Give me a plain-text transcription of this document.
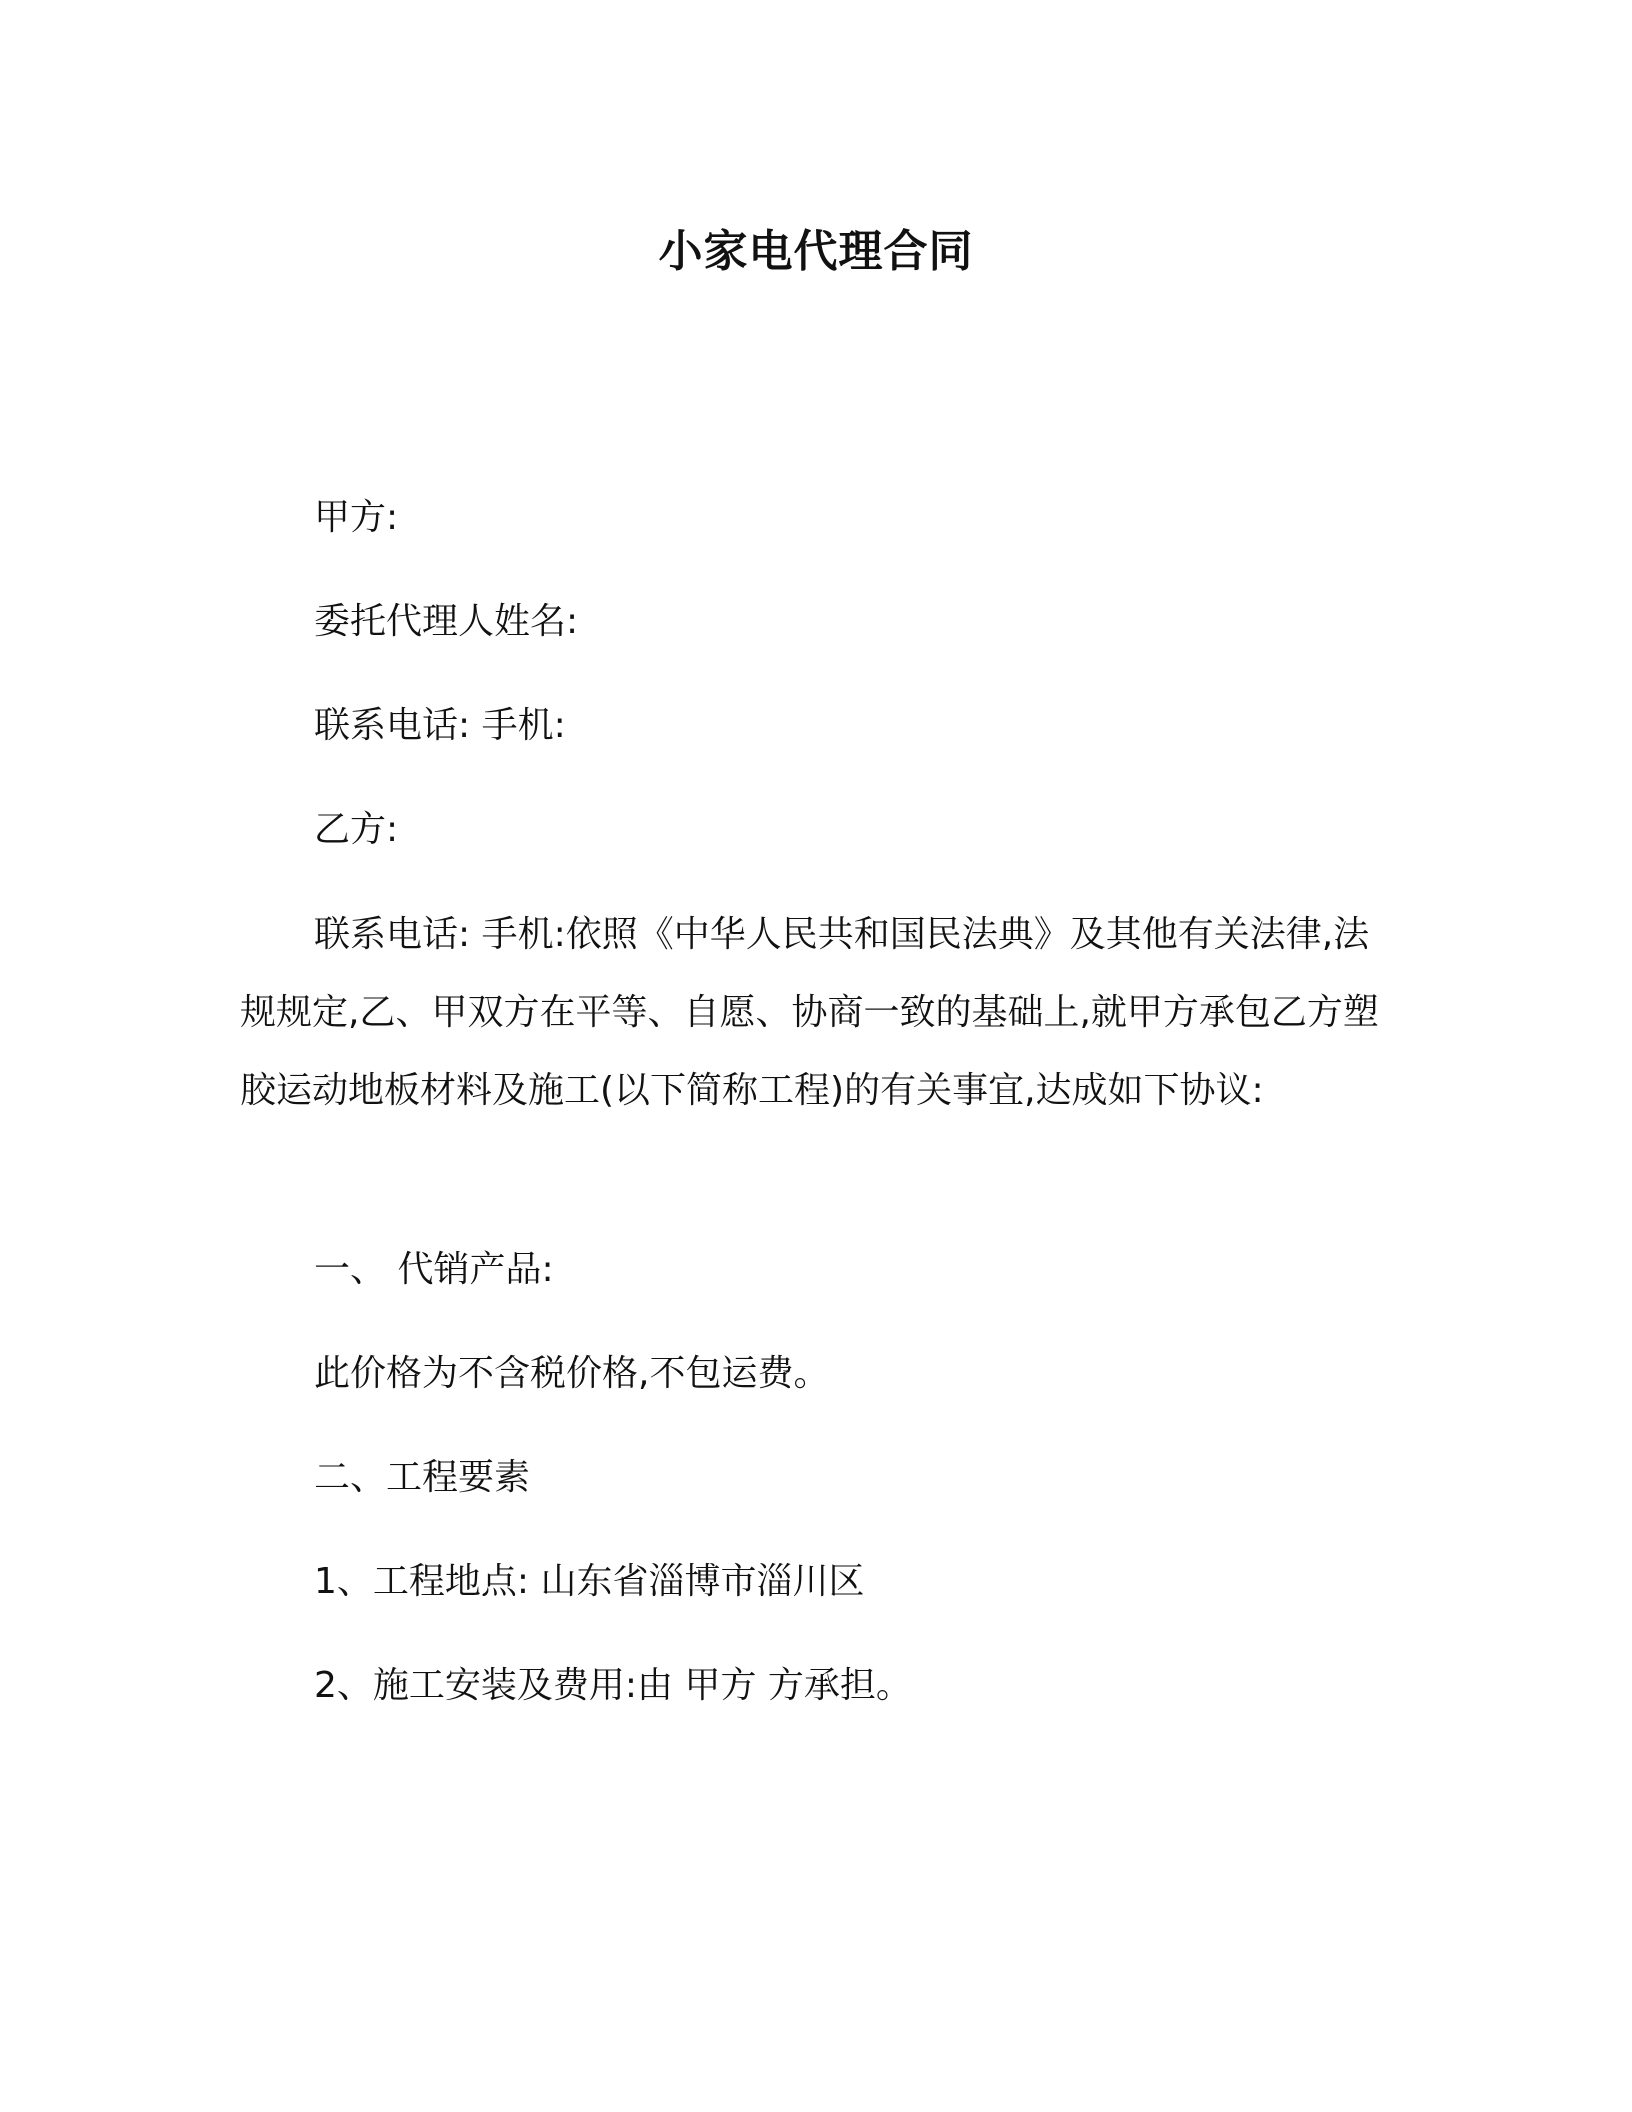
小家电代理合同
甲方:
委托代理人姓名:
联系电话: 手机:
乙方:
联系电话: 手机:依照《中华人民共和国民法典》及其他有关法律,法规规定,乙、甲双方在平等、自愿、协商一致的基础上,就甲方承包乙方塑胶运动地板材料及施工(以下简称工程)的有关事宜,达成如下协议:
一、 代销产品:
此价格为不含税价格,不包运费。
二、工程要素
1、工程地点: 山东省淄博市淄川区
2、施工安装及费用:由 甲方 方承担。
